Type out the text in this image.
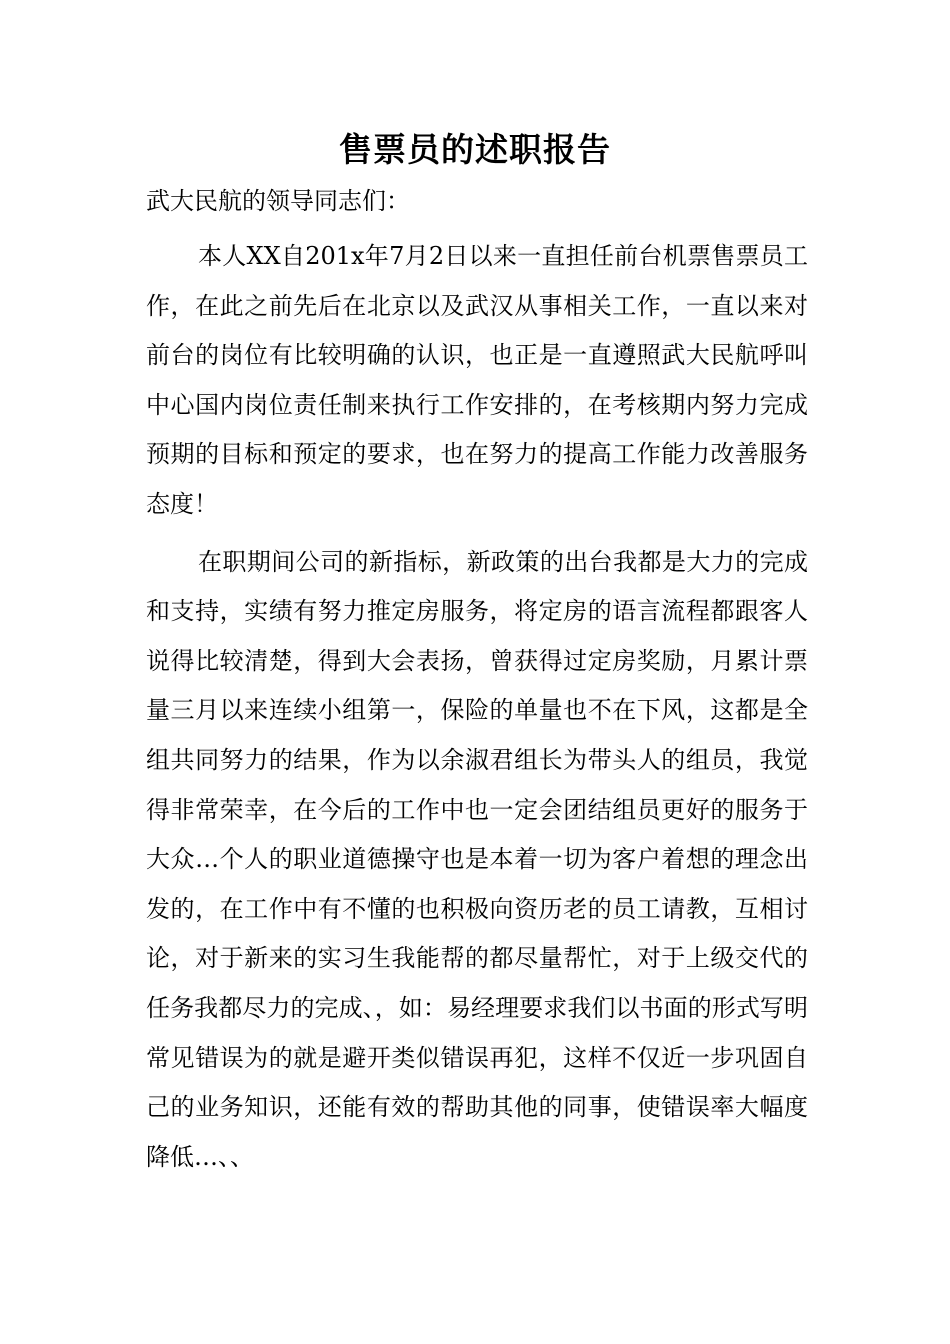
售票员的述职报告

武大民航的领导同志们：

本人XX自201x年7月2日以来一直担任前台机票售票员工作，在此之前先后在北京以及武汉从事相关工作，一直以来对前台的岗位有比较明确的认识，也正是一直遵照武大民航呼叫中心国内岗位责任制来执行工作安排的，在考核期内努力完成预期的目标和预定的要求，也在努力的提高工作能力改善服务态度！

在职期间公司的新指标，新政策的出台我都是大力的完成和支持，实绩有努力推定房服务，将定房的语言流程都跟客人说得比较清楚，得到大会表扬，曾获得过定房奖励，月累计票量三月以来连续小组第一，保险的单量也不在下风，这都是全组共同努力的结果，作为以余淑君组长为带头人的组员，我觉得非常荣幸，在今后的工作中也一定会团结组员更好的服务于大众…个人的职业道德操守也是本着一切为客户着想的理念出发的，在工作中有不懂的也积极向资历老的员工请教，互相讨论，对于新来的实习生我能帮的都尽量帮忙，对于上级交代的任务我都尽力的完成、，如：易经理要求我们以书面的形式写明常见错误为的就是避开类似错误再犯，这样不仅近一步巩固自己的业务知识，还能有效的帮助其他的同事，使错误率大幅度降低…、、
